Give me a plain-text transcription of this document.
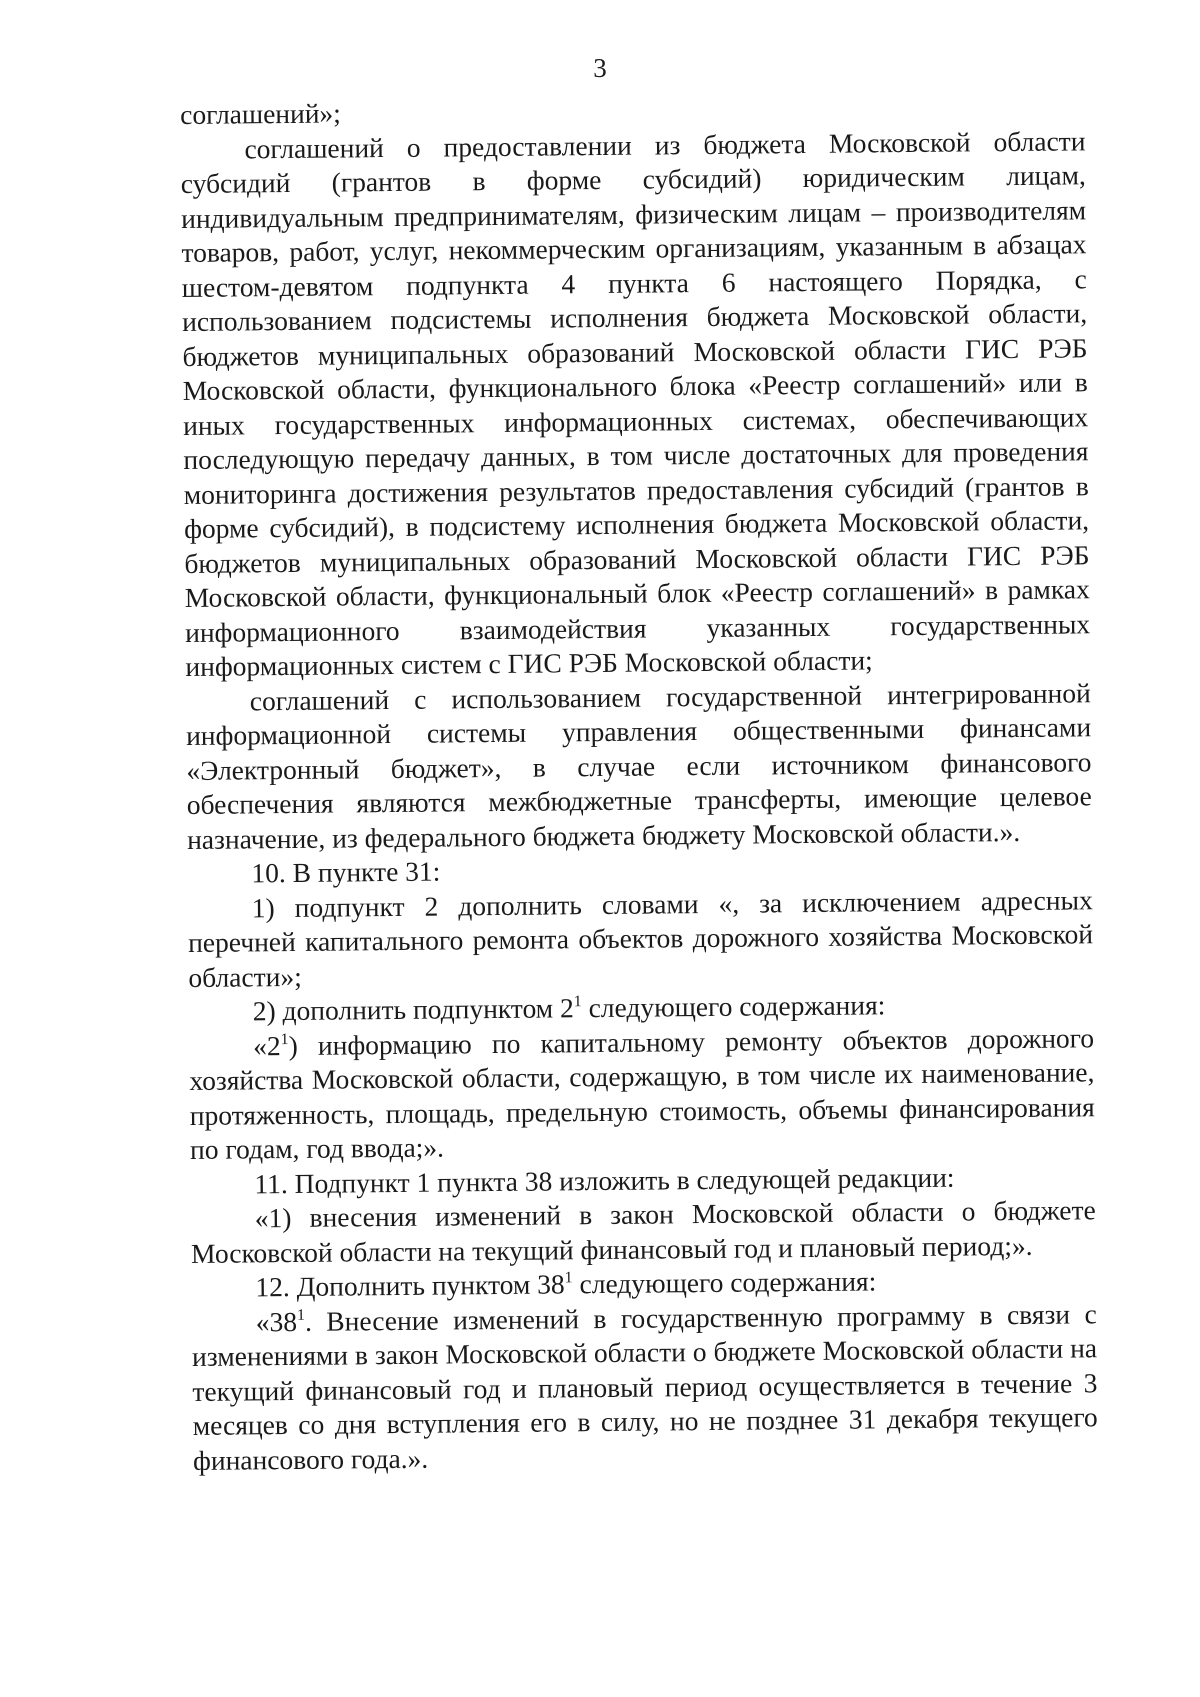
3

соглашений»;

соглашений о предоставлении из бюджета Московской области субсидий (грантов в форме субсидий) юридическим лицам, индивидуальным предпринимателям, физическим лицам – производителям товаров, работ, услуг, некоммерческим организациям, указанным в абзацах шестом-девятом подпункта 4 пункта 6 настоящего Порядка, с использованием подсистемы исполнения бюджета Московской области, бюджетов муниципальных образований Московской области ГИС РЭБ Московской области, функционального блока «Реестр соглашений» или в иных государственных информационных системах, обеспечивающих последующую передачу данных, в том числе достаточных для проведения мониторинга достижения результатов предоставления субсидий (грантов в форме субсидий), в подсистему исполнения бюджета Московской области, бюджетов муниципальных образований Московской области ГИС РЭБ Московской области, функциональный блок «Реестр соглашений» в рамках информационного взаимодействия указанных государственных информационных систем с ГИС РЭБ Московской области;

соглашений с использованием государственной интегрированной информационной системы управления общественными финансами «Электронный бюджет», в случае если источником финансового обеспечения являются межбюджетные трансферты, имеющие целевое назначение, из федерального бюджета бюджету Московской области.».

10. В пункте 31:

1) подпункт 2 дополнить словами «, за исключением адресных перечней капитального ремонта объектов дорожного хозяйства Московской области»;

2) дополнить подпунктом $2^1$ следующего содержания:

«$2^1$) информацию по капитальному ремонту объектов дорожного хозяйства Московской области, содержащую, в том числе их наименование, протяженность, площадь, предельную стоимость, объемы финансирования по годам, год ввода;».

11. Подпункт 1 пункта 38 изложить в следующей редакции:

«1) внесения изменений в закон Московской области о бюджете Московской области на текущий финансовый год и плановый период;».

12. Дополнить пунктом $38^1$ следующего содержания:

«$38^1$. Внесение изменений в государственную программу в связи с изменениями в закон Московской области о бюджете Московской области на текущий финансовый год и плановый период осуществляется в течение 3 месяцев со дня вступления его в силу, но не позднее 31 декабря текущего финансового года.».
